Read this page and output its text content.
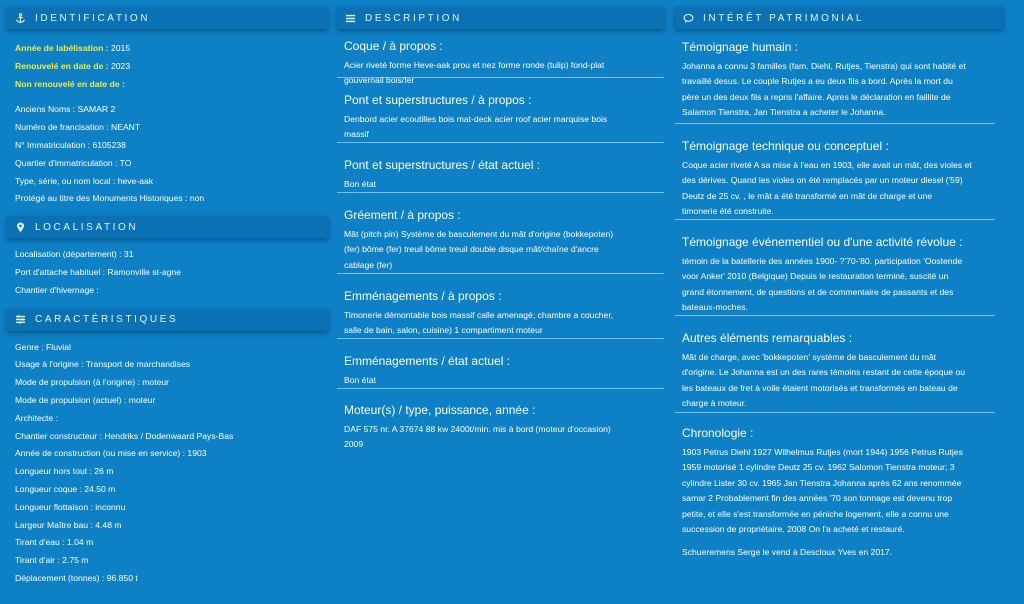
IDENTIFICATION
Année de labélisation : 2015
Renouvelé en date de : 2023
Non renouvelé en date de :
Anciens Noms : SAMAR 2
Numéro de francisation : NEANT
N° Immatriculation : 6105238
Quartier d'immatriculation : TO
Type, série, ou nom local : heve-aak
Protégé au titre des Monuments Historiques : non
LOCALISATION
Localisation (département) : 31
Port d'attache habituel : Ramonville st-agne
Chantier d'hivernage :
CARACTÉRISTIQUES
Genre : Fluvial
Usage à l'origine : Transport de marchandises
Mode de propulsion (à l'origine) : moteur
Mode de propulsion (actuel) : moteur
Architecte :
Chantier constructeur : Hendriks / Dodenwaard Pays-Bas
Année de construction (ou mise en service) : 1903
Longueur hors tout : 26 m
Longueur coque : 24.50 m
Longueur flottaison : inconnu
Largeur Maître bau : 4.48 m
Tirant d'eau : 1.04 m
Tirant d'air : 2.75 m
Déplacement (tonnes) : 96.850 t
DESCRIPTION
Coque / à propos :
Acier riveté forme Heve-aak prou et nez forme ronde (tulip) fond-plat
gouvernail bois/fer
Pont et superstructures / à propos :
Denbord acier ecoutilles bois mat-deck acier roof acier marquise bois
massif
Pont et superstructures / état actuel :
Bon état
Gréement / à propos :
Mât (pitch pin) Système de basculement du mât d'origine (bokkepoten)
(fer) bôme (fer) treuil bôme treuil double disque mât/chaîne d'ancre
cablage (fer)
Emménagements / à propos :
Timonerie démontable bois massif calle amenagé; chambre a coucher,
salle de bain, salon, cuisine) 1 compartiment moteur
Emménagements / état actuel :
Bon état
Moteur(s) / type, puissance, année :
DAF 575 nr. A 37674 88 kw 2400t/min. mis à bord (moteur d'occasion)
2009
INTÉRÊT PATRIMONIAL
Témoignage humain :
Johanna a connu 3 familles (fam. Diehl, Rutjes, Tienstra) qui sont habité et
travaillé desus. Le couple Rutjes a eu deux fils a bord. Après la mort du
père un des deux fils a repris l'affaire. Apres le déclaration en faillite de
Salamon Tienstra, Jan Tienstra a acheter le Johanna.
Témoignage technique ou conceptuel :
Coque acier riveté A sa mise à l'eau en 1903, elle avait un mât, des violes et
des dérives. Quand les violes on été remplacés par un moteur diesel ('59)
Deutz de 25 cv. , le mât a été transformé en mât de charge et une
timonerie été construite.
Témoignage événementiel ou d'une activité révolue :
témoin de la batellerie des années 1900- ?'70-'80. participation 'Oostende
voor Anker' 2010 (Belgique) Depuis le restauration terminé, suscité un
grand étonnement, de questions et de commentaire de passants et des
bateaux-moches.
Autres éléments remarquables :
Mât de charge, avec 'bokkepoten' système de basculement du mât
d'origine. Le Johanna est un des rares témoins restant de cette époque ou
les bateaux de fret à voile étaient motorisés et transformés en bateau de
charge à moteur.
Chronologie :
1903 Petrus Diehl 1927 Wilhelmus Rutjes (mort 1944) 1956 Petrus Rutjes
1959 motorisé 1 cylindre Deutz 25 cv. 1962 Salomon Tienstra moteur; 3
cylindre Lister 30 cv. 1965 Jan Tienstra Johanna après 62 ans renommée
samar 2 Probablement fin des années '70 son tonnage est devenu trop
petite, et elle s'est transformée en péniche logement, elle a connu une
succession de propriétaire. 2008 On l'a acheté et restauré.
Schueremens Serge le vend à Descloux Yves en 2017.
